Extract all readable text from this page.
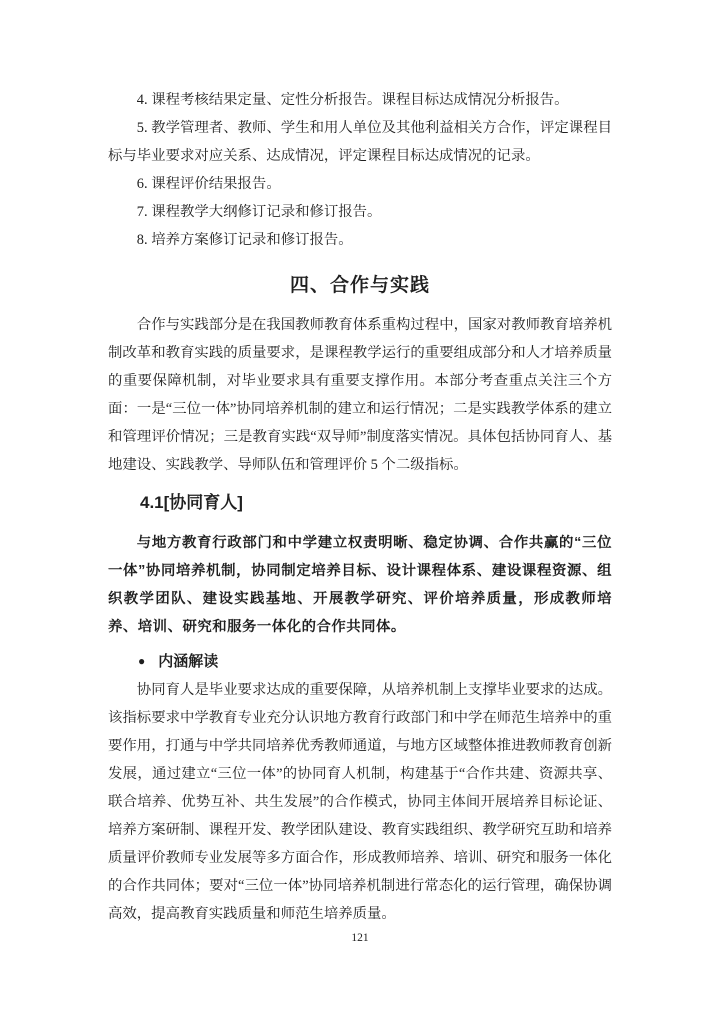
4. 课程考核结果定量、定性分析报告。课程目标达成情况分析报告。

5. 教学管理者、教师、学生和用人单位及其他利益相关方合作，评定课程目标与毕业要求对应关系、达成情况，评定课程目标达成情况的记录。

6. 课程评价结果报告。

7. 课程教学大纲修订记录和修订报告。

8. 培养方案修订记录和修订报告。

四、合作与实践

合作与实践部分是在我国教师教育体系重构过程中，国家对教师教育培养机制改革和教育实践的质量要求，是课程教学运行的重要组成部分和人才培养质量的重要保障机制，对毕业要求具有重要支撑作用。本部分考查重点关注三个方面：一是“三位一体”协同培养机制的建立和运行情况；二是实践教学体系的建立和管理评价情况；三是教育实践“双导师”制度落实情况。具体包括协同育人、基地建设、实践教学、导师队伍和管理评价 5 个二级指标。

4.1[协同育人]

与地方教育行政部门和中学建立权责明晰、稳定协调、合作共赢的“三位一体”协同培养机制，协同制定培养目标、设计课程体系、建设课程资源、组织教学团队、建设实践基地、开展教学研究、评价培养质量，形成教师培养、培训、研究和服务一体化的合作共同体。

● 内涵解读

协同育人是毕业要求达成的重要保障，从培养机制上支撑毕业要求的达成。该指标要求中学教育专业充分认识地方教育行政部门和中学在师范生培养中的重要作用，打通与中学共同培养优秀教师通道，与地方区域整体推进教师教育创新发展，通过建立“三位一体”的协同育人机制，构建基于“合作共建、资源共享、联合培养、优势互补、共生发展”的合作模式，协同主体间开展培养目标论证、培养方案研制、课程开发、教学团队建设、教育实践组织、教学研究互助和培养质量评价教师专业发展等多方面合作，形成教师培养、培训、研究和服务一体化的合作共同体；要对“三位一体”协同培养机制进行常态化的运行管理，确保协调高效，提高教育实践质量和师范生培养质量。

121
